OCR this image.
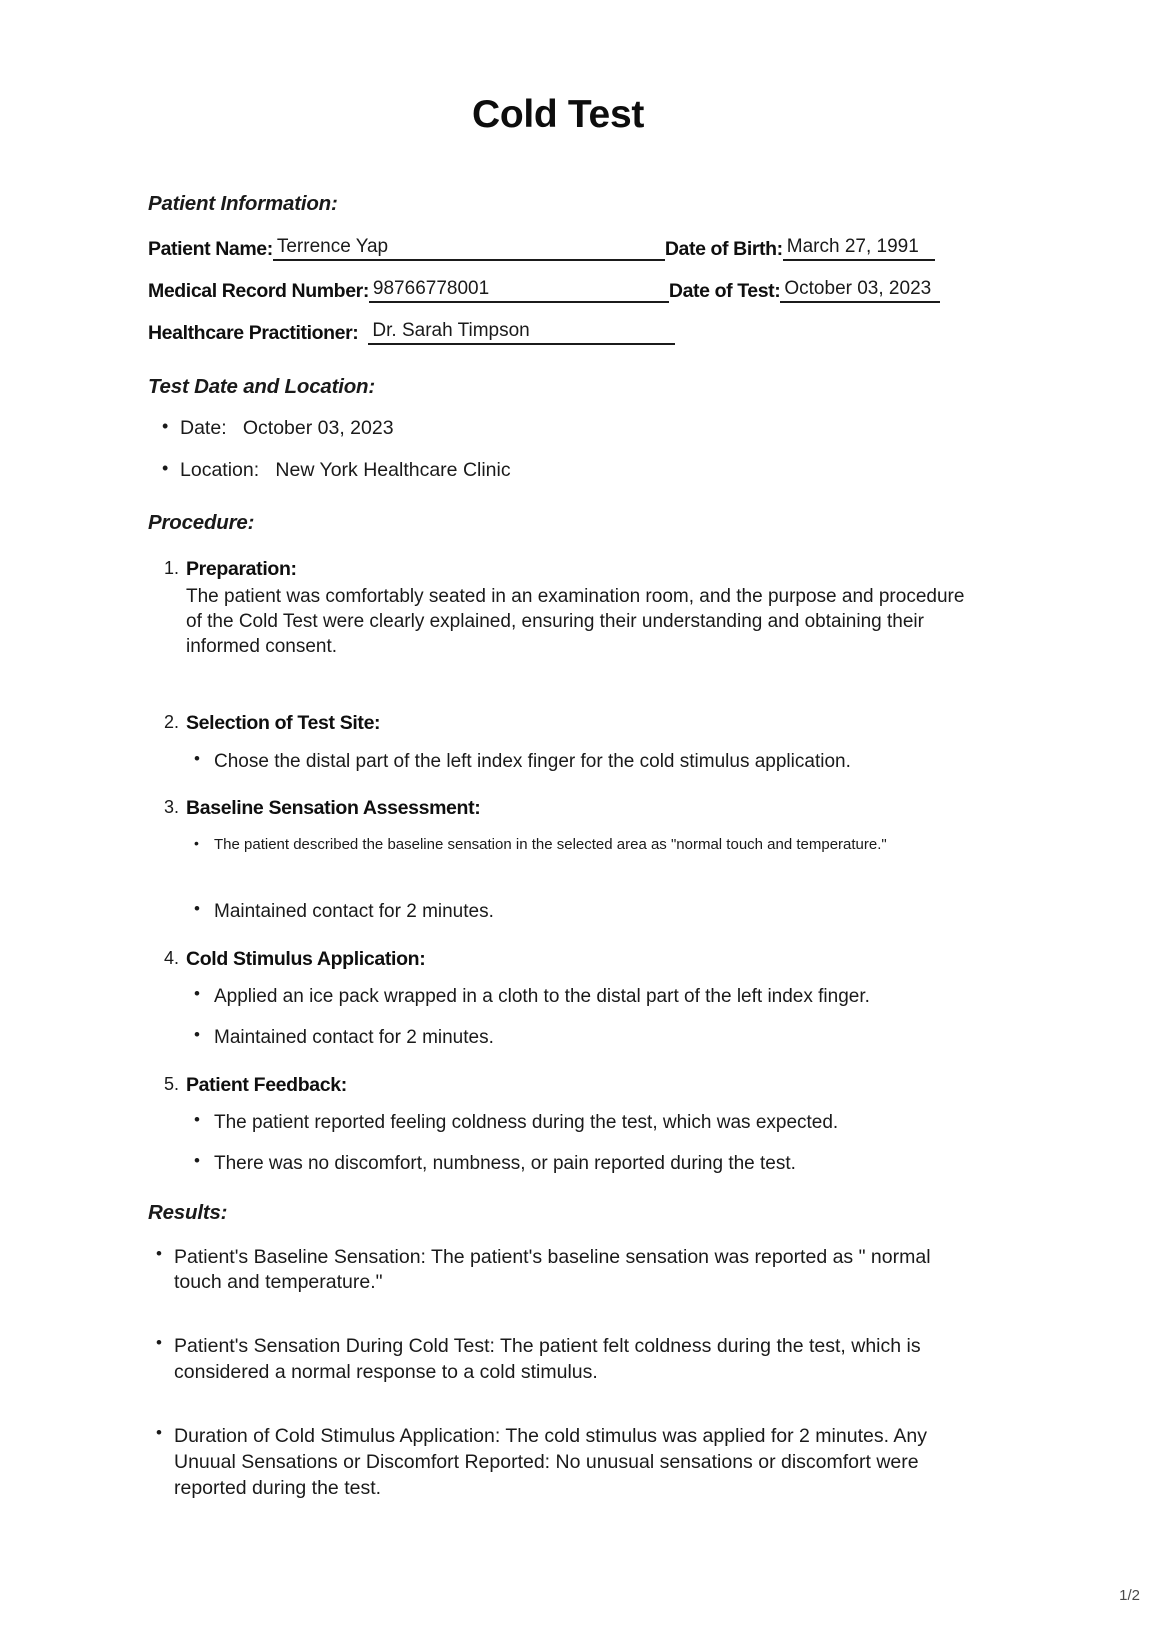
Cold Test
Patient Information:
Patient Name: Terrence Yap	Date of Birth: March 27, 1991
Medical Record Number: 98766778001	Date of Test: October 03, 2023
Healthcare Practitioner: Dr. Sarah Timpson
Test Date and Location:
• Date: October 03, 2023
• Location: New York Healthcare Clinic
Procedure:
Preparation:
The patient was comfortably seated in an examination room, and the purpose and procedure of the Cold Test were clearly explained, ensuring their understanding and obtaining their informed consent.
Selection of Test Site:
• Chose the distal part of the left index finger for the cold stimulus application.
Baseline Sensation Assessment:
• The patient described the baseline sensation in the selected area as "normal touch and temperature."
• Maintained contact for 2 minutes.
Cold Stimulus Application:
• Applied an ice pack wrapped in a cloth to the distal part of the left index finger.
• Maintained contact for 2 minutes.
Patient Feedback:
• The patient reported feeling coldness during the test, which was expected.
• There was no discomfort, numbness, or pain reported during the test.
Results:
• Patient's Baseline Sensation: The patient's baseline sensation was reported as " normal touch and temperature."
• Patient's Sensation During Cold Test: The patient felt coldness during the test, which is considered a normal response to a cold stimulus.
• Duration of Cold Stimulus Application: The cold stimulus was applied for 2 minutes. Any Unuual Sensations or Discomfort Reported: No unusual sensations or discomfort were reported during the test.
1/2
